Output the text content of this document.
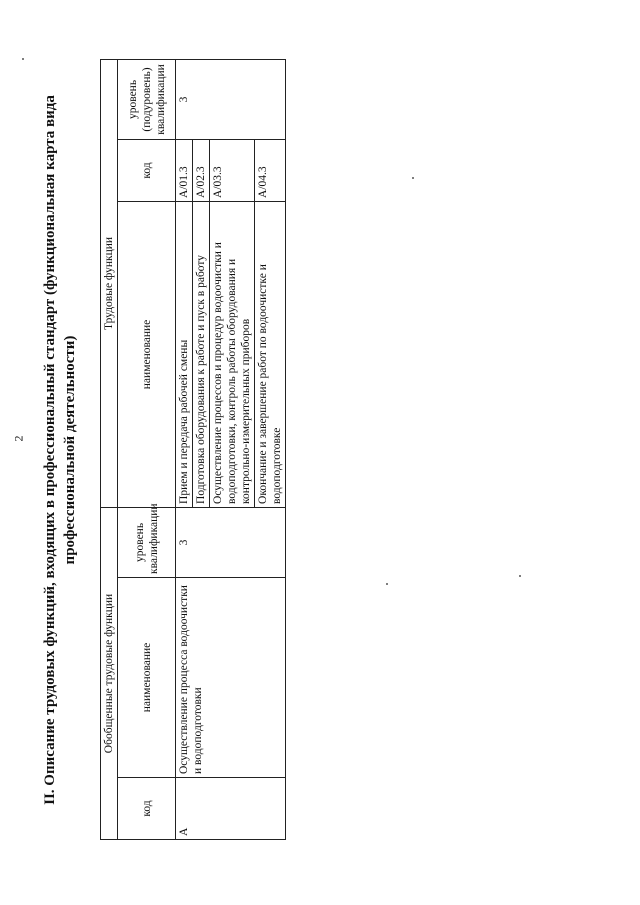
2 II. Описание трудовых функций, входящих в профессиональный стандарт (функциональная карта вида профессиональной деятельности)
Обобщенные трудовые функции			Трудовые функции		
код	наименование	уровень квалификации	наименование	код	уровень (подуровень) квалификации
A	Осуществление процесса водоочистки и водоподготовки	3	Прием и передача рабочей смены	A/01.3	3
			Подготовка оборудования к работе и пуск в работу	A/02.3	
			Осуществление процессов и процедур водоочистки и водоподготовки, контроль работы оборудования и контрольно-измерительных приборов	A/03.3	
			Окончание и завершение работ по водоочистке и водоподготовке	A/04.3	
